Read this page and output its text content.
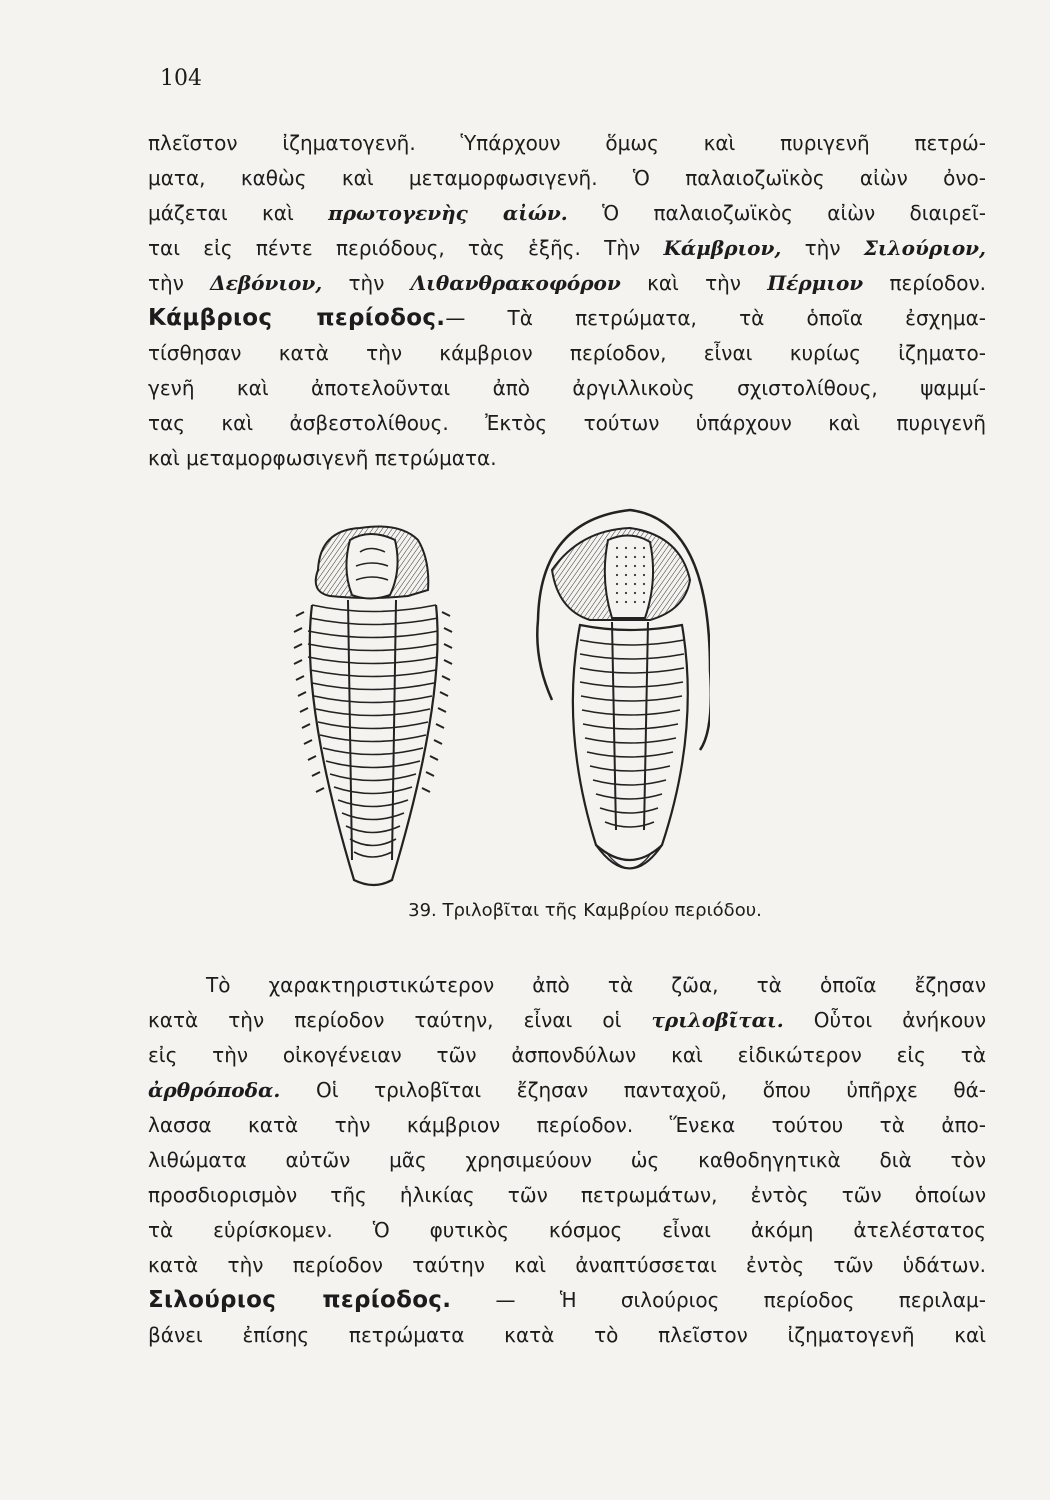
104
πλεῖστον ἰζηματογενῆ. Ὑπάρχουν ὅμως καὶ πυριγενῆ πετρώ-
ματα, καθὼς καὶ μεταμορφωσιγενῆ. Ὁ παλαιοζωϊκὸς αἰὼν ὀνο-
μάζεται καὶ πρωτογενὴς αἰών. Ὁ παλαιοζωϊκὸς αἰὼν διαιρεῖ-
ται εἰς πέντε περιόδους, τὰς ἑξῆς. Τὴν Κάμβριον, τὴν Σιλούριον,
τὴν Δεβόνιον, τὴν Λιθανθρακοφόρον καὶ τὴν Πέρμιον περίοδον.
Κάμβριος περίοδος.— Τὰ πετρώματα, τὰ ὁποῖα ἐσχημα-
τίσθησαν κατὰ τὴν κάμβριον περίοδον, εἶναι κυρίως ἰζηματο-
γενῆ καὶ ἀποτελοῦνται ἀπὸ ἀργιλλικοὺς σχιστολίθους, ψαμμί-
τας καὶ ἀσβεστολίθους. Ἐκτὸς τούτων ὑπάρχουν καὶ πυριγενῆ
καὶ μεταμορφωσιγενῆ πετρώματα.
39. Τριλοβῖται τῆς Καμβρίου περιόδου.
Τὸ χαρακτηριστικώτερον ἀπὸ τὰ ζῶα, τὰ ὁποῖα ἔζησαν
κατὰ τὴν περίοδον ταύτην, εἶναι οἱ τριλοβῖται. Οὗτοι ἀνήκουν
εἰς τὴν οἰκογένειαν τῶν ἀσπονδύλων καὶ εἰδικώτερον εἰς τὰ
ἀρθρόποδα. Οἱ τριλοβῖται ἔζησαν πανταχοῦ, ὅπου ὑπῆρχε θά-
λασσα κατὰ τὴν κάμβριον περίοδον. Ἕνεκα τούτου τὰ ἀπο-
λιθώματα αὐτῶν μᾶς χρησιμεύουν ὡς καθοδηγητικὰ διὰ τὸν
προσδιορισμὸν τῆς ἡλικίας τῶν πετρωμάτων, ἐντὸς τῶν ὁποίων
τὰ εὑρίσκομεν. Ὁ φυτικὸς κόσμος εἶναι ἀκόμη ἀτελέστατος
κατὰ τὴν περίοδον ταύτην καὶ ἀναπτύσσεται ἐντὸς τῶν ὑδάτων.
Σιλούριος περίοδος. — Ἡ σιλούριος περίοδος περιλαμ-
βάνει ἐπίσης πετρώματα κατὰ τὸ πλεῖστον ἰζηματογενῆ καὶ
